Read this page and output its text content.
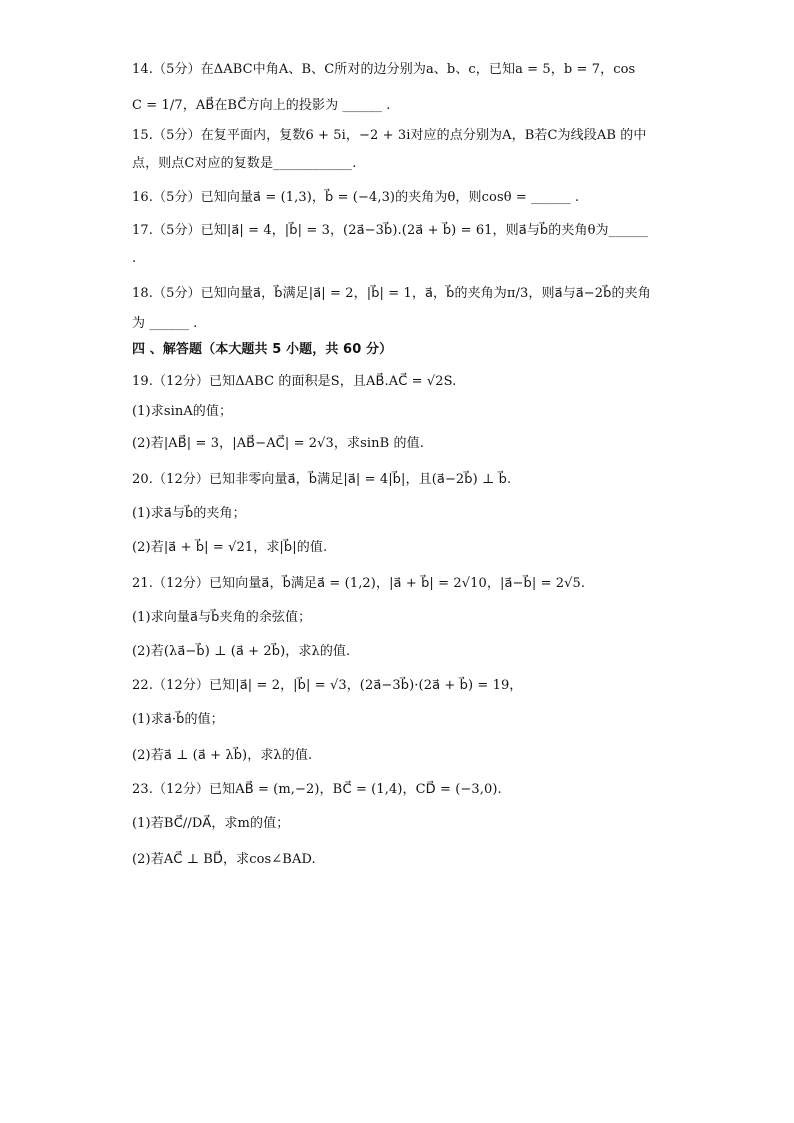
14.（5分）在ΔABC中角A、B、C所对的边分别为a、b、c，已知a = 5，b = 7，cos
C = 1/7，AB⃗在BC⃗方向上的投影为 ______ .
15.（5分）在复平面内，复数6 + 5i，−2 + 3i对应的点分别为A，B若C为线段AB 的中
点，则点C对应的复数是____________.
16.（5分）已知向量a⃗ = (1,3)，b⃗ = (−4,3)的夹角为θ，则cosθ = ______ .
17.（5分）已知|a⃗| = 4，|b⃗| = 3，(2a⃗−3b⃗).(2a⃗ + b⃗) = 61，则a⃗与b⃗的夹角θ为______
.
18.（5分）已知向量a⃗，b⃗满足|a⃗| = 2，|b⃗| = 1，a⃗，b⃗的夹角为π/3，则a⃗与a⃗−2b⃗的夹角
为 ______ .
四 、解答题（本大题共 5 小题，共 60 分）
19.（12分）已知ΔABC 的面积是S，且AB⃗.AC⃗ = √2S.
(1)求sinA的值；
(2)若|AB⃗| = 3，|AB⃗−AC⃗| = 2√3，求sinB 的值.
20.（12分）已知非零向量a⃗，b⃗满足|a⃗| = 4|b⃗|，且(a⃗−2b⃗) ⊥ b⃗.
(1)求a⃗与b⃗的夹角；
(2)若|a⃗ + b⃗| = √21，求|b⃗|的值.
21.（12分）已知向量a⃗，b⃗满足a⃗ = (1,2)，|a⃗ + b⃗| = 2√10，|a⃗−b⃗| = 2√5.
(1)求向量a⃗与b⃗夹角的余弦值；
(2)若(λa⃗−b⃗) ⊥ (a⃗ + 2b⃗)，求λ的值.
22.（12分）已知|a⃗| = 2，|b⃗| = √3，(2a⃗−3b⃗)·(2a⃗ + b⃗) = 19，
(1)求a⃗·b⃗的值；
(2)若a⃗ ⊥ (a⃗ + λb⃗)，求λ的值.
23.（12分）已知AB⃗ = (m,−2)，BC⃗ = (1,4)，CD⃗ = (−3,0).
(1)若BC⃗//DA⃗，求m的值；
(2)若AC⃗ ⊥ BD⃗，求cos∠BAD.
